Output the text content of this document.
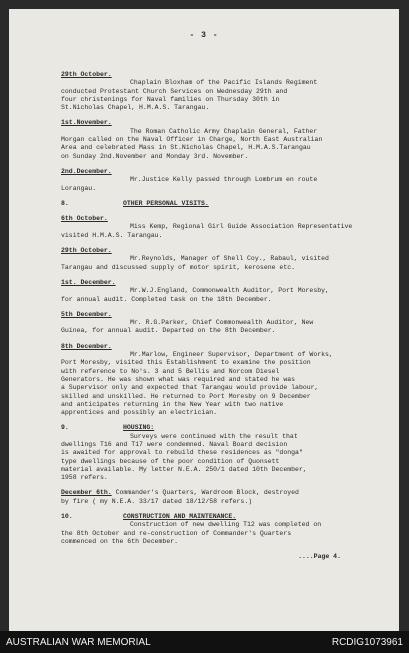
- 3 -
29th October.
Chaplain Bloxham of the Pacific Islands Regiment
conducted Protestant Church Services on Wednesday 29th and
four christenings for Naval families on Thursday 30th in
St.Nicholas Chapel, H.M.A.S. Tarangau.
1st.November.
The Roman Catholic Army Chaplain General, Father
Morgan called on the Naval Officer in Charge, North East Australian
Area and celebrated Mass in St.Nicholas Chapel, H.M.A.S.Tarangau
on Sunday 2nd.November and Monday 3rd. November.
2nd.December.
Mr.Justice Kelly passed through Lombrum en route
Lorangau.
8.	OTHER PERSONAL VISITS.
6th October.
Miss Kemp, Regional Girl Guide Association Representative
visited H.M.A.S. Tarangau.
29th October.
Mr.Reynolds, Manager of Shell Coy., Rabaul, visited
Tarangau and discussed supply of motor spirit, kerosene etc.
1st. December.
Mr.W.J.England, Commonwealth Auditor, Port Moresby,
for annual audit. Completed task on the 18th December.
5th December.
Mr. R.G.Parker, Chief Commonwealth Auditor, New
Guinea, for annual audit. Departed on the 8th December.
8th December.
Mr.Marlow, Engineer Supervisor, Department of Works,
Port Moresby, visited this Establishment to examine the position
with reference to No's. 3 and 5 Bellis and Norcom Diesel
Generators. He was shown what was required and stated he was
a Supervisor only and expected that Tarangau would provide labour,
skilled and unskilled. He returned to Port Moresby on 9 December
and anticipates returning in the New Year with two native
apprentices and possibly an electrician.
9.	HOUSING:
Surveys were continued with the result that
dwellings T16 and T17 were condemned. Naval Board decision
is awaited for approval to rebuild these residences as "donga"
type dwellings because of the poor condition of Quonsett
material available. My letter N.E.A. 250/1 dated 10th December,
1958 refers.
December 6th. Commander's Quarters, Wardroom Block, destroyed
by fire ( my N.E.A. 33/17 dated 18/12/58 refers.)
10.	CONSTRUCTION AND MAINTENANCE.
Construction of new dwelling T12 was completed on
the 8th October and re-construction of Commander's Quarters
commenced on the 6th December.
....Page 4.
AUSTRALIAN WAR MEMORIAL	RCDIG1073961
